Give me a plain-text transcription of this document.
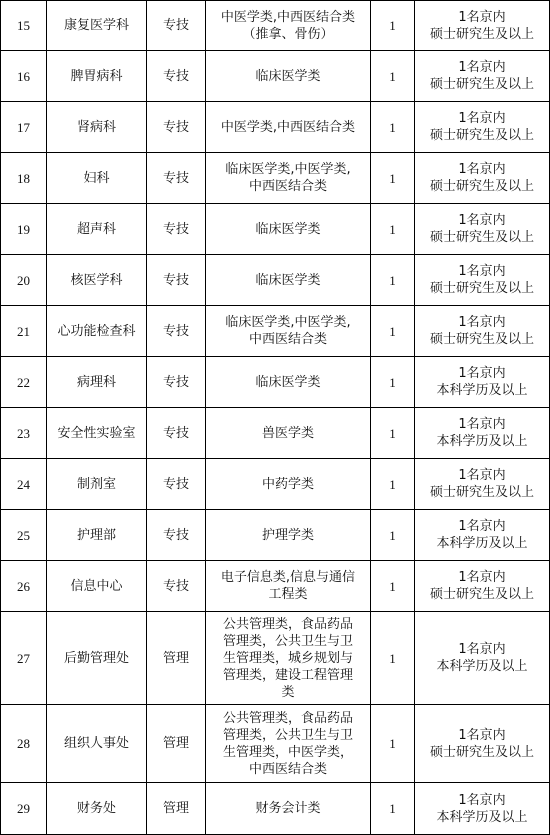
15	康复医学科	专技	中医学类,中西医结合类
（推拿、骨伤）	1	1名京内
硕士研究生及以上
16	脾胃病科	专技	临床医学类	1	1名京内
硕士研究生及以上
17	肾病科	专技	中医学类,中西医结合类	1	1名京内
硕士研究生及以上
18	妇科	专技	临床医学类,中医学类,
中西医结合类	1	1名京内
硕士研究生及以上
19	超声科	专技	临床医学类	1	1名京内
硕士研究生及以上
20	核医学科	专技	临床医学类	1	1名京内
硕士研究生及以上
21	心功能检查科	专技	临床医学类,中医学类,
中西医结合类	1	1名京内
硕士研究生及以上
22	病理科	专技	临床医学类	1	1名京内
本科学历及以上
23	安全性实验室	专技	兽医学类	1	1名京内
本科学历及以上
24	制剂室	专技	中药学类	1	1名京内
硕士研究生及以上
25	护理部	专技	护理学类	1	1名京内
本科学历及以上
26	信息中心	专技	电子信息类,信息与通信
工程类	1	1名京内
硕士研究生及以上
27	后勤管理处	管理	公共管理类，食品药品
管理类，公共卫生与卫
生管理类，城乡规划与
管理类，建设工程管理
类	1	1名京内
本科学历及以上
28	组织人事处	管理	公共管理类，食品药品
管理类，公共卫生与卫
生管理类，中医学类，
中西医结合类	1	1名京内
硕士研究生及以上
29	财务处	管理	财务会计类	1	1名京内
本科学历及以上
